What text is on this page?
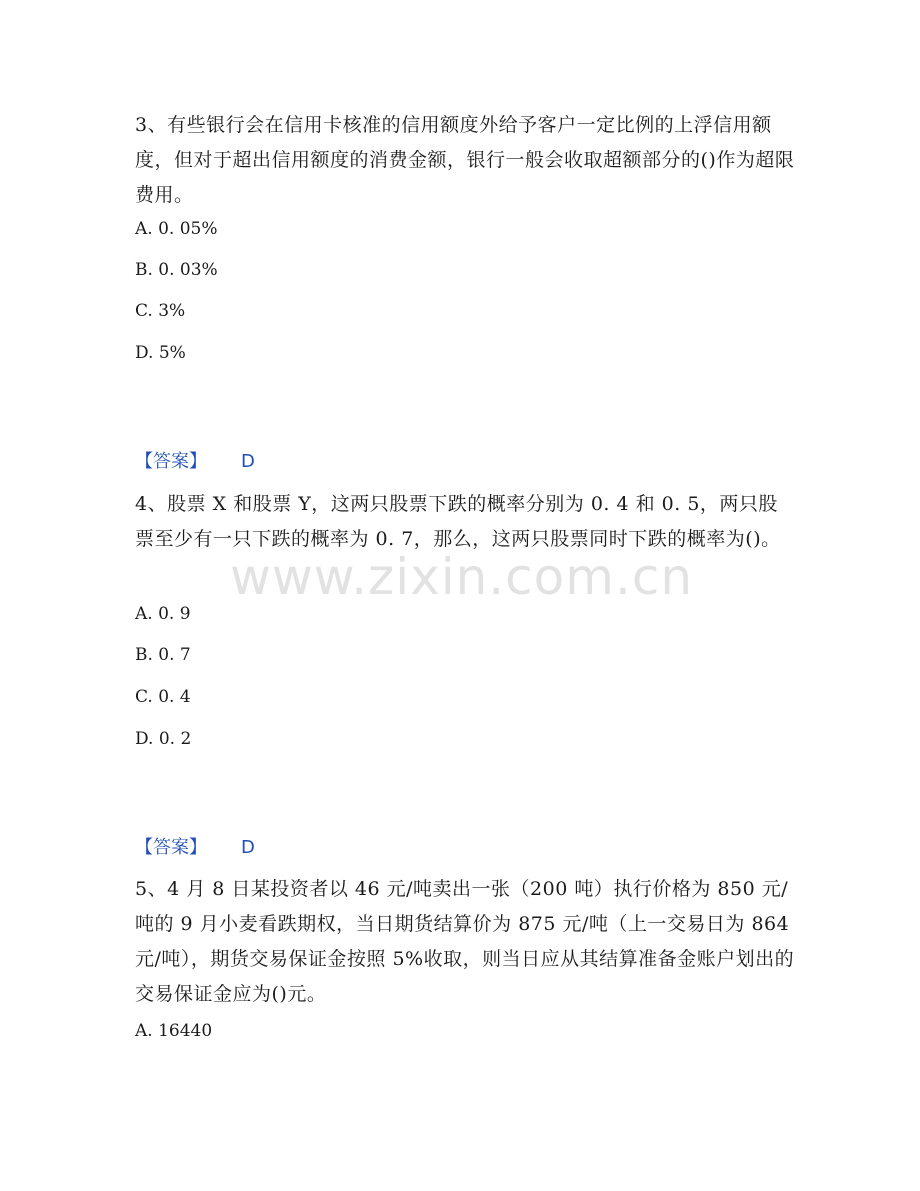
3、有些银行会在信用卡核准的信用额度外给予客户一定比例的上浮信用额度，但对于超出信用额度的消费金额，银行一般会收取超额部分的()作为超限费用。

A. 0. 05%
B. 0. 03%
C. 3%
D. 5%
【答案】 D

4、股票 X 和股票 Y，这两只股票下跌的概率分别为 0. 4 和 0. 5，两只股票至少有一只下跌的概率为 0. 7，那么，这两只股票同时下跌的概率为()。

A. 0. 9
B. 0. 7
C. 0. 4
D. 0. 2
【答案】 D

5、4 月 8 日某投资者以 46 元/吨卖出一张（200 吨）执行价格为 850 元/吨的 9 月小麦看跌期权，当日期货结算价为 875 元/吨（上一交易日为 864 元/吨），期货交易保证金按照 5%收取，则当日应从其结算准备金账户划出的交易保证金应为()元。

A. 16440
www.zixin.com.cn
